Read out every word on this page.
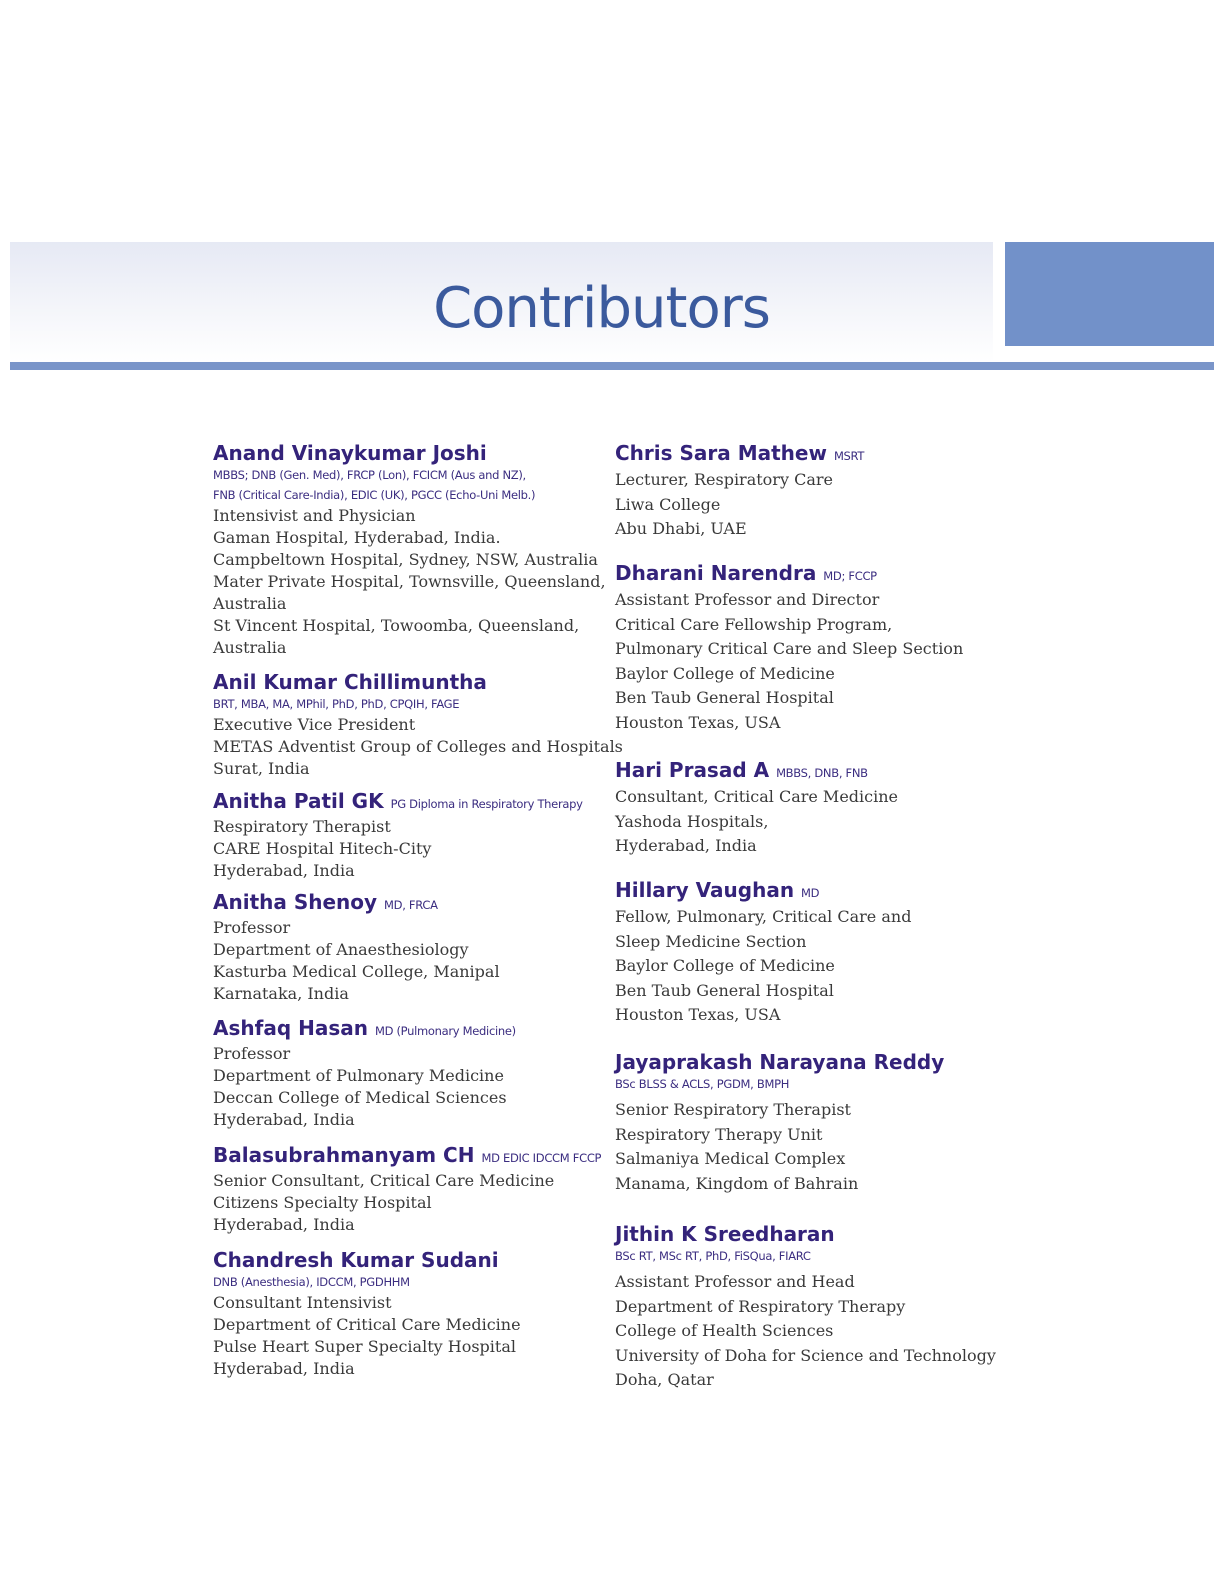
Contributors
Anand Vinaykumar Joshi
MBBS; DNB (Gen. Med), FRCP (Lon), FCICM (Aus and NZ),
FNB (Critical Care-India), EDIC (UK), PGCC (Echo-Uni Melb.)
Intensivist and Physician
Gaman Hospital, Hyderabad, India.
Campbeltown Hospital, Sydney, NSW, Australia
Mater Private Hospital, Townsville, Queensland,
Australia
St Vincent Hospital, Towoomba, Queensland,
Australia
Anil Kumar Chillimuntha
BRT, MBA, MA, MPhil, PhD, PhD, CPQIH, FAGE
Executive Vice President
METAS Adventist Group of Colleges and Hospitals
Surat, India
Anitha Patil GK PG Diploma in Respiratory Therapy
Respiratory Therapist
CARE Hospital Hitech-City
Hyderabad, India
Anitha Shenoy MD, FRCA
Professor
Department of Anaesthesiology
Kasturba Medical College, Manipal
Karnataka, India
Ashfaq Hasan MD (Pulmonary Medicine)
Professor
Department of Pulmonary Medicine
Deccan College of Medical Sciences
Hyderabad, India
Balasubrahmanyam CH MD EDIC IDCCM FCCP
Senior Consultant, Critical Care Medicine
Citizens Specialty Hospital
Hyderabad, India
Chandresh Kumar Sudani
DNB (Anesthesia), IDCCM, PGDHHM
Consultant Intensivist
Department of Critical Care Medicine
Pulse Heart Super Specialty Hospital
Hyderabad, India
Chris Sara Mathew MSRT
Lecturer, Respiratory Care
Liwa College
Abu Dhabi, UAE
Dharani Narendra MD; FCCP
Assistant Professor and Director
Critical Care Fellowship Program,
Pulmonary Critical Care and Sleep Section
Baylor College of Medicine
Ben Taub General Hospital
Houston Texas, USA
Hari Prasad A MBBS, DNB, FNB
Consultant, Critical Care Medicine
Yashoda Hospitals,
Hyderabad, India
Hillary Vaughan MD
Fellow, Pulmonary, Critical Care and
Sleep Medicine Section
Baylor College of Medicine
Ben Taub General Hospital
Houston Texas, USA
Jayaprakash Narayana Reddy
BSc BLSS & ACLS, PGDM, BMPH
Senior Respiratory Therapist
Respiratory Therapy Unit
Salmaniya Medical Complex
Manama, Kingdom of Bahrain
Jithin K Sreedharan
BSc RT, MSc RT, PhD, FiSQua, FIARC
Assistant Professor and Head
Department of Respiratory Therapy
College of Health Sciences
University of Doha for Science and Technology
Doha, Qatar
